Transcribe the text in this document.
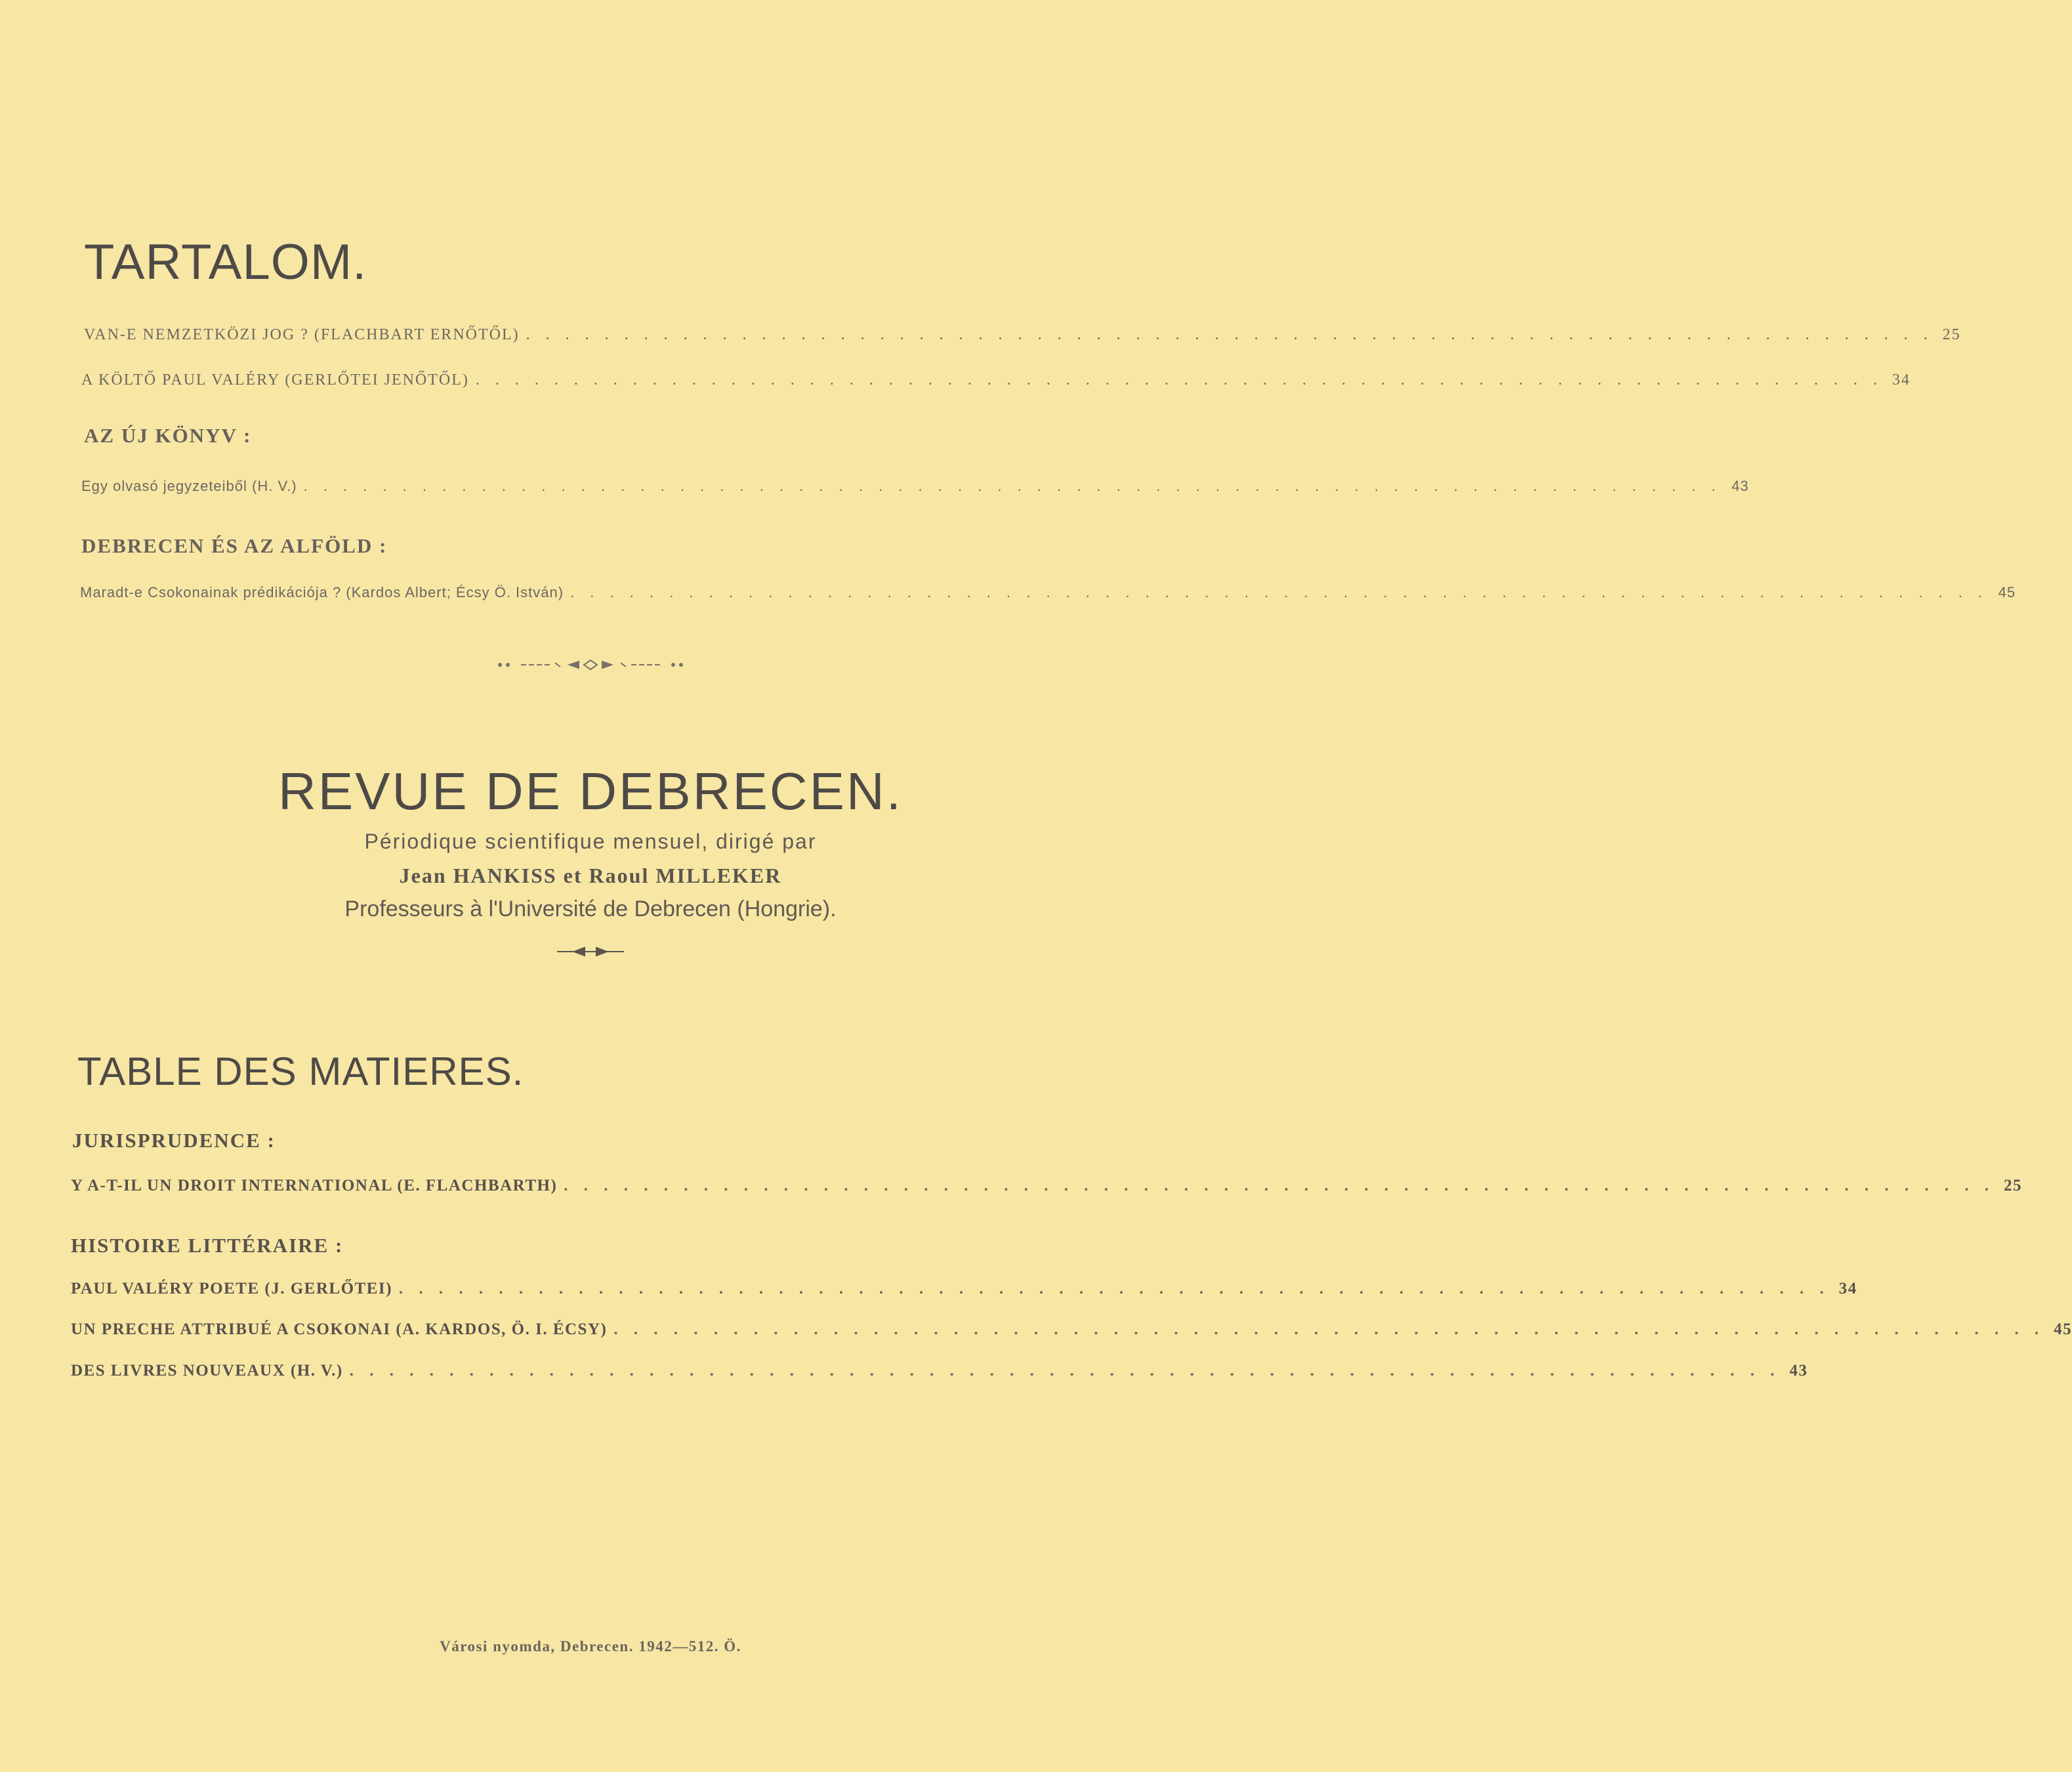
TARTALOM.
VAN-E NEMZETKÖZI JOG ? (FLACHBART ERNŐTŐL) . . . . . . . . . . . . . . . . . . . . . . . . . . . . . . . . . . . . . . . . . . . . . . . . . . . . . . . . . . . . . . . . . . . . . . . . 25
A KÖLTŐ PAUL VALÉRY (GERLŐTEI JENŐTŐL) . . . . . . . . . . . . . . . . . . . . . . . . . . . . . . . . . . . . . . . . . . . . . . . . . . . . . . . . . . . . . . . . . . . . . . . . 34
AZ ÚJ KÖNYV :
Egy olvasó jegyzeteiből (H. V.) . . . . . . . . . . . . . . . . . . . . . . . . . . . . . . . . . . . . . . . . . . . . . . . . . . . . . . . . . . . . . . . . . . . . . . . . 43
DEBRECEN ÉS AZ ALFÖLD :
Maradt-e Csokonainak prédikációja ? (Kardos Albert; Écsy Ö. István) . . . . . . . . . . . . . . . . . . . . . . . . . . . . . . . . . . . . . . . . . . . . . . . . . . . . . . . . . . . . . . . . . . . . . . . . 45
REVUE DE DEBRECEN.
Périodique scientifique mensuel, dirigé par
Jean HANKISS et Raoul MILLEKER
Professeurs à l'Université de Debrecen (Hongrie).
TABLE DES MATIERES.
JURISPRUDENCE :
Y A-T-IL UN DROIT INTERNATIONAL (E. FLACHBARTH) . . . . . . . . . . . . . . . . . . . . . . . . . . . . . . . . . . . . . . . . . . . . . . . . . . . . . . . . . . . . . . . . . . . . . . . . 25
HISTOIRE LITTÉRAIRE :
PAUL VALÉRY POETE (J. GERLŐTEI) . . . . . . . . . . . . . . . . . . . . . . . . . . . . . . . . . . . . . . . . . . . . . . . . . . . . . . . . . . . . . . . . . . . . . . . . 34
UN PRECHE ATTRIBUÉ A CSOKONAI (A. KARDOS, Ö. I. ÉCSY) . . . . . . . . . . . . . . . . . . . . . . . . . . . . . . . . . . . . . . . . . . . . . . . . . . . . . . . . . . . . . . . . . . . . . . . . 45
DES LIVRES NOUVEAUX (H. V.) . . . . . . . . . . . . . . . . . . . . . . . . . . . . . . . . . . . . . . . . . . . . . . . . . . . . . . . . . . . . . . . . . . . . . . . . 43
Városi nyomda, Debrecen. 1942—512. Ö.
